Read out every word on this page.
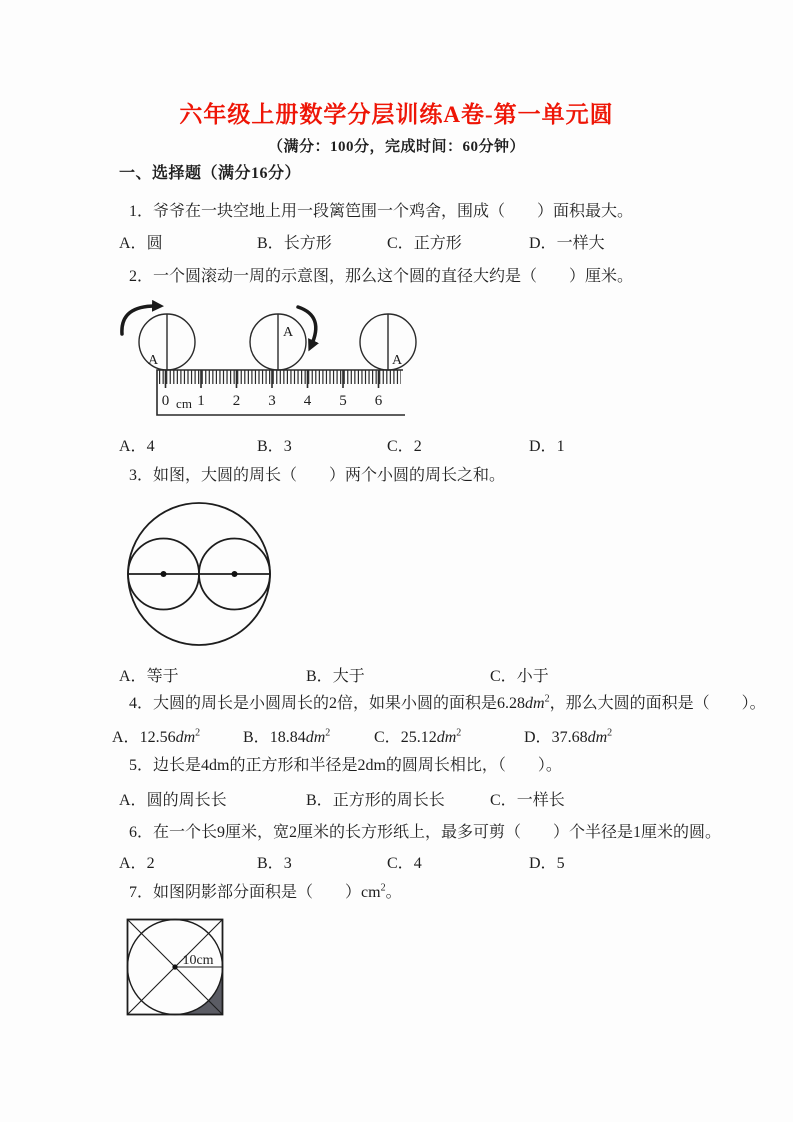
六年级上册数学分层训练A卷-第一单元圆
（满分：100分，完成时间：60分钟）
一、选择题（满分16分）
1．爷爷在一块空地上用一段篱笆围一个鸡舍，围成（　　）面积最大。
A．圆	B．长方形	C．正方形	D．一样大
2．一个圆滚动一周的示意图，那么这个圆的直径大约是（　　）厘米。
0 cm 1 2 3 4 5 6
A
A
A
A．4	B．3	C．2	D．1
3．如图，大圆的周长（　　）两个小圆的周长之和。
A．等于	B．大于	C．小于
4．大圆的周长是小圆周长的2倍，如果小圆的面积是$6.28dm^2$，那么大圆的面积是（　　）。
A．$12.56dm^2$	B．$18.84dm^2$	C．$25.12dm^2$	D．$37.68dm^2$
5．边长是4dm的正方形和半径是2dm的圆周长相比，（　　）。
A．圆的周长长	B．正方形的周长长	C．一样长
6．在一个长9厘米，宽2厘米的长方形纸上，最多可剪（　　）个半径是1厘米的圆。
A．2	B．3	C．4	D．5
7．如图阴影部分面积是（　　）$cm^2$。
10cm
